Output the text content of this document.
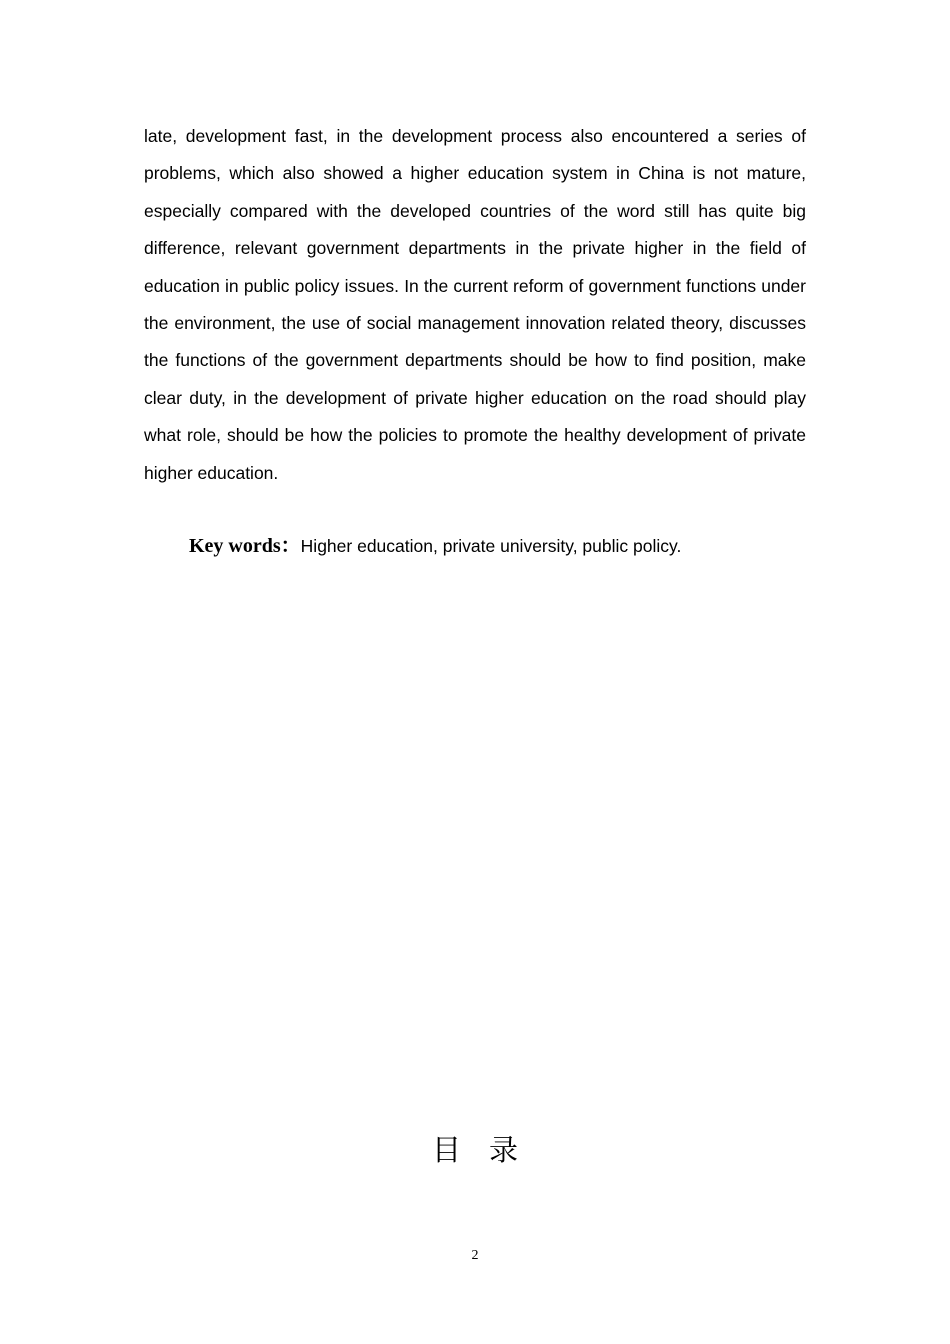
late, development fast, in the development process also encountered a series of problems, which also showed a higher education system in China is not mature, especially compared with the developed countries of the word still has quite big difference, relevant government departments in the private higher in the field of education in public policy issues. In the current reform of government functions under the environment, the use of social management innovation related theory, discusses the functions of the government departments should be how to find position, make clear duty, in the development of private higher education on the road should play what role, should be how the policies to promote the healthy development of private higher education.

Key words：Higher education, private university, public policy.

目录
2
